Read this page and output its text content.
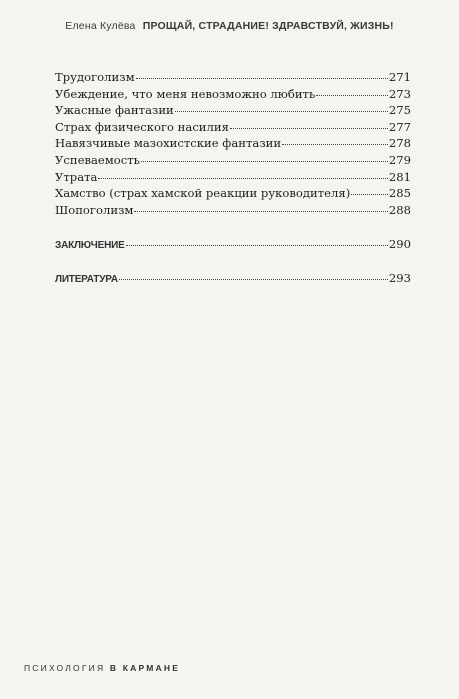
Елена Кулёва ПРОЩАЙ, СТРАДАНИЕ! ЗДРАВСТВУЙ, ЖИЗНЬ!
Трудоголизм	271
Убеждение, что меня невозможно любить	273
Ужасные фантазии	275
Страх физического насилия	277
Навязчивые мазохистские фантазии	278
Успеваемость	279
Утрата	281
Хамство (страх хамской реакции руководителя)	285
Шопоголизм	288
ЗАКЛЮЧЕНИЕ	290
ЛИТЕРАТУРА	293
ПСИХОЛОГИЯ В КАРМАНЕ
